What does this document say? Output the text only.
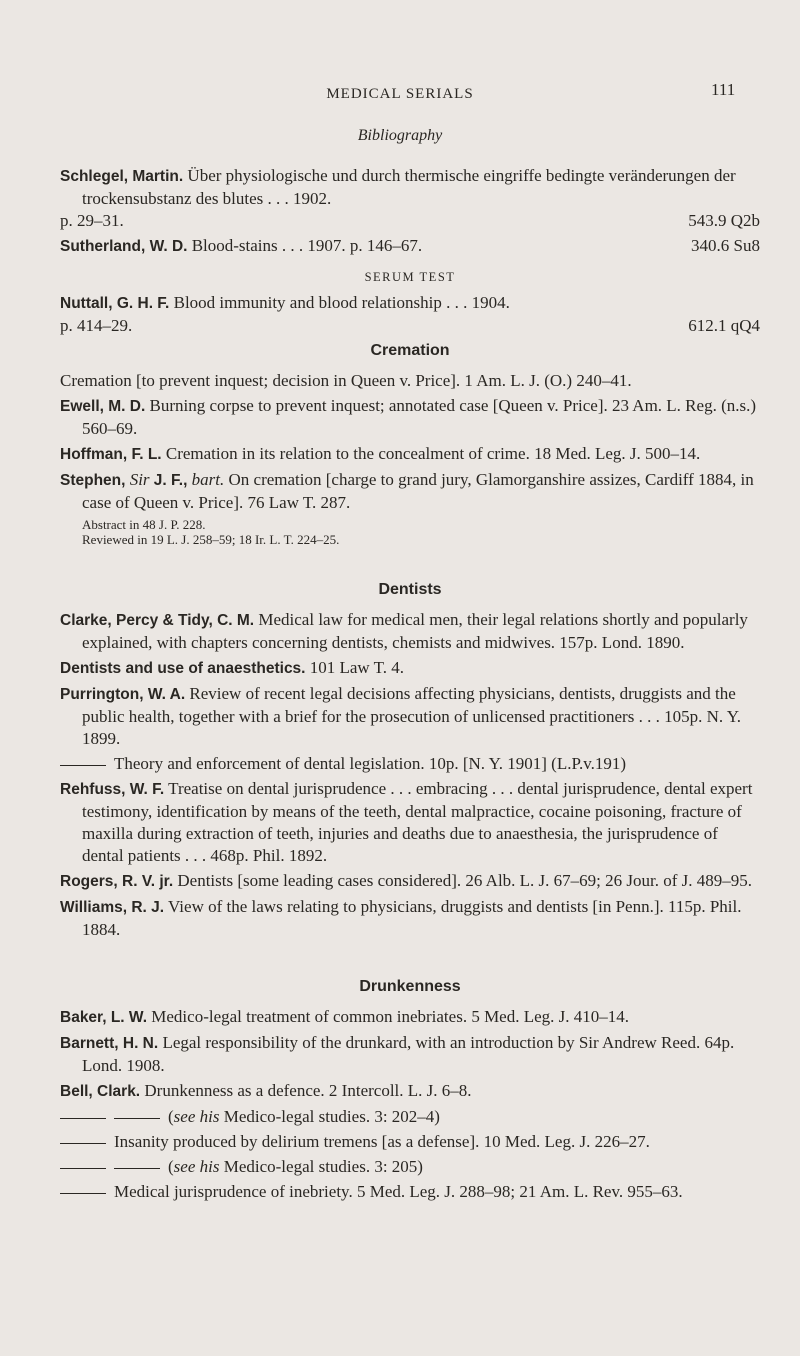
MEDICAL SERIALS	111
Bibliography
Schlegel, Martin. Über physiologische und durch thermische eingriffe bedingte veränderungen der trockensubstanz des blutes . . . 1902.
p. 29–31.	543.9 Q2b
Sutherland, W. D. Blood-stains . . . 1907. p. 146–67.	340.6 Su8
SERUM TEST
Nuttall, G. H. F. Blood immunity and blood relationship . . . 1904.
p. 414–29.	612.1 qQ4
Cremation
Cremation [to prevent inquest; decision in Queen v. Price]. 1 Am. L. J. (O.) 240–41.
Ewell, M. D. Burning corpse to prevent inquest; annotated case [Queen v. Price]. 23 Am. L. Reg. (n.s.) 560–69.
Hoffman, F. L. Cremation in its relation to the concealment of crime. 18 Med. Leg. J. 500–14.
Stephen, Sir J. F., bart. On cremation [charge to grand jury, Glamorganshire assizes, Cardiff 1884, in case of Queen v. Price]. 76 Law T. 287.
Abstract in 48 J. P. 228.
Reviewed in 19 L. J. 258–59; 18 Ir. L. T. 224–25.
Dentists
Clarke, Percy & Tidy, C. M. Medical law for medical men, their legal relations shortly and popularly explained, with chapters concerning dentists, chemists and midwives. 157p. Lond. 1890.
Dentists and use of anaesthetics. 101 Law T. 4.
Purrington, W. A. Review of recent legal decisions affecting physicians, dentists, druggists and the public health, together with a brief for the prosecution of unlicensed practitioners . . . 105p. N. Y. 1899.
Theory and enforcement of dental legislation. 10p. [N. Y. 1901] (L.P.v.191)
Rehfuss, W. F. Treatise on dental jurisprudence . . . embracing . . . dental jurisprudence, dental expert testimony, identification by means of the teeth, dental malpractice, cocaine poisoning, fracture of maxilla during extraction of teeth, injuries and deaths due to anaesthesia, the jurisprudence of dental patients . . . 468p. Phil. 1892.
Rogers, R. V. jr. Dentists [some leading cases considered]. 26 Alb. L. J. 67–69; 26 Jour. of J. 489–95.
Williams, R. J. View of the laws relating to physicians, druggists and dentists [in Penn.]. 115p. Phil. 1884.
Drunkenness
Baker, L. W. Medico-legal treatment of common inebriates. 5 Med. Leg. J. 410–14.
Barnett, H. N. Legal responsibility of the drunkard, with an introduction by Sir Andrew Reed. 64p. Lond. 1908.
Bell, Clark. Drunkenness as a defence. 2 Intercoll. L. J. 6–8.
(see his Medico-legal studies. 3: 202–4)
Insanity produced by delirium tremens [as a defense]. 10 Med. Leg. J. 226–27.
(see his Medico-legal studies. 3: 205)
Medical jurisprudence of inebriety. 5 Med. Leg. J. 288–98; 21 Am. L. Rev. 955–63.
